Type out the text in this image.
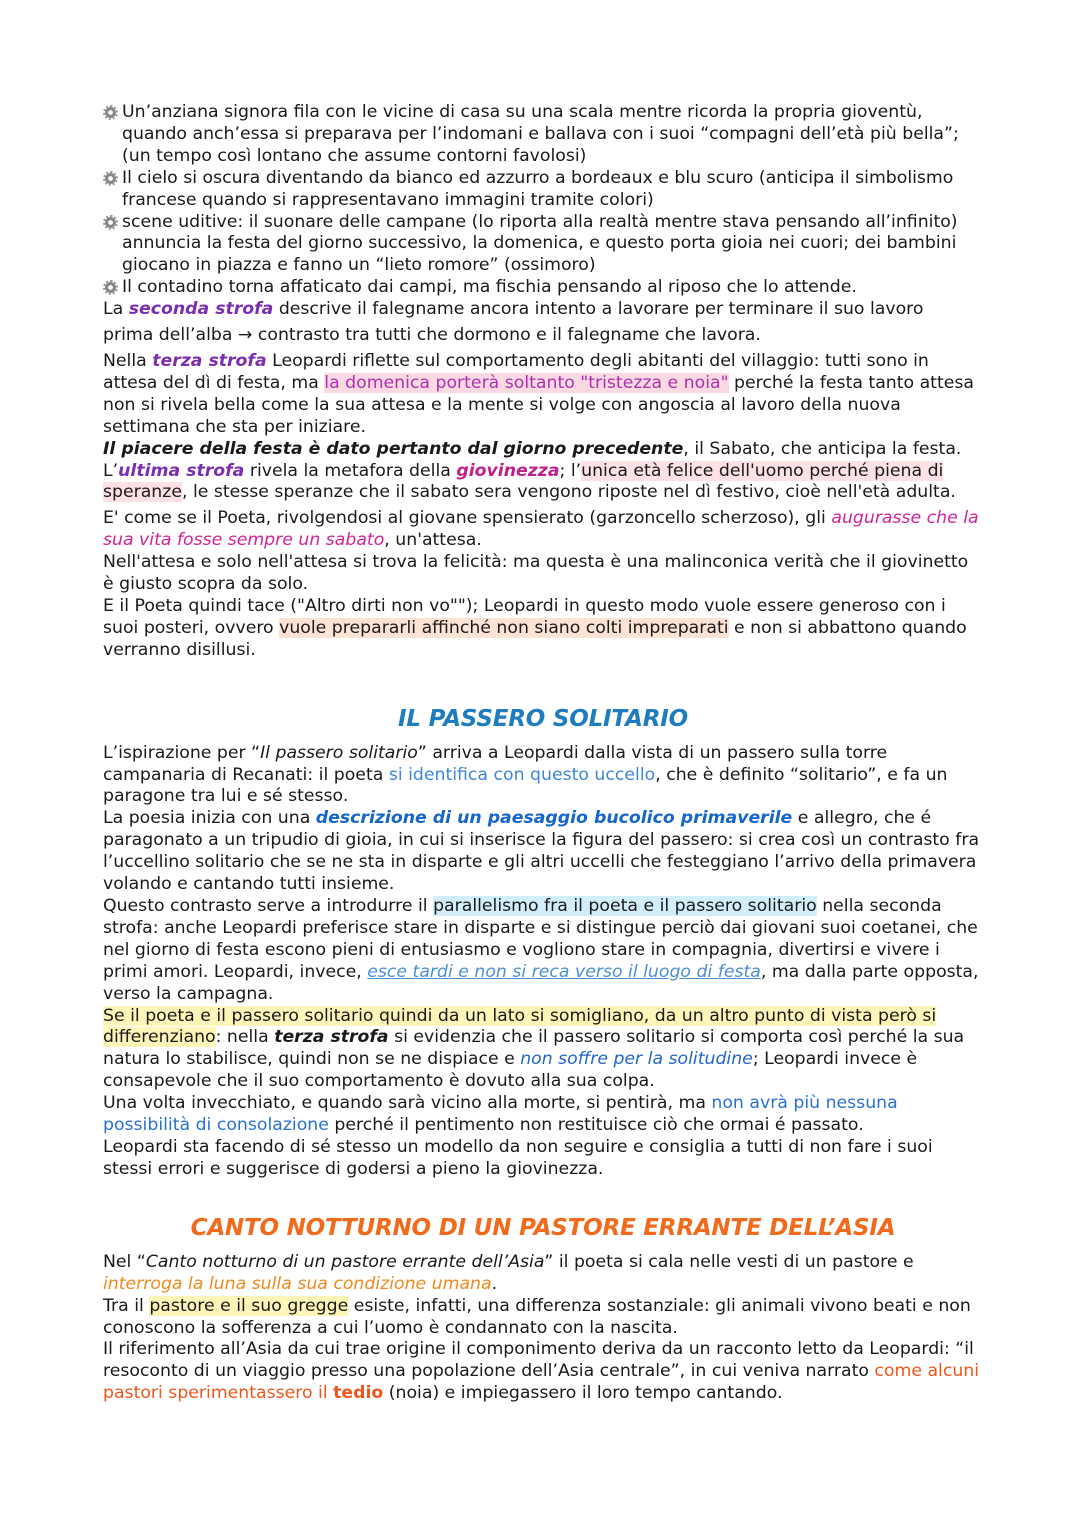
Un’anziana signora fila con le vicine di casa su una scala mentre ricorda la propria gioventù, quando anch’essa si preparava per l’indomani e ballava con i suoi “compagni dell’età più bella”; (un tempo così lontano che assume contorni favolosi)
Il cielo si oscura diventando da bianco ed azzurro a bordeaux e blu scuro (anticipa il simbolismo francese quando si rappresentavano immagini tramite colori)
scene uditive: il suonare delle campane (lo riporta alla realtà mentre stava pensando all’infinito) annuncia la festa del giorno successivo, la domenica, e questo porta gioia nei cuori; dei bambini giocano in piazza e fanno un “lieto romore” (ossimoro)
Il contadino torna affaticato dai campi, ma fischia pensando al riposo che lo attende.

La seconda strofa descrive il falegname ancora intento a lavorare per terminare il suo lavoro

prima dell’alba → contrasto tra tutti che dormono e il falegname che lavora.

Nella terza strofa Leopardi riflette sul comportamento degli abitanti del villaggio: tutti sono in attesa del dì di festa, ma la domenica porterà soltanto "tristezza e noia" perché la festa tanto attesa non si rivela bella come la sua attesa e la mente si volge con angoscia al lavoro della nuova settimana che sta per iniziare.

Il piacere della festa è dato pertanto dal giorno precedente, il Sabato, che anticipa la festa.

L’ultima strofa rivela la metafora della giovinezza; l’unica età felice dell'uomo perché piena di speranze, le stesse speranze che il sabato sera vengono riposte nel dì festivo, cioè nell'età adulta.

E' come se il Poeta, rivolgendosi al giovane spensierato (garzoncello scherzoso), gli augurasse che la sua vita fosse sempre un sabato, un'attesa.

Nell'attesa e solo nell'attesa si trova la felicità: ma questa è una malinconica verità che il giovinetto è giusto scopra da solo.

E il Poeta quindi tace ("Altro dirti non vo""); Leopardi in questo modo vuole essere generoso con i suoi posteri, ovvero vuole prepararli affinché non siano colti impreparati e non si abbattono quando verranno disillusi.

IL PASSERO SOLITARIO

L’ispirazione per “Il passero solitario” arriva a Leopardi dalla vista di un passero sulla torre campanaria di Recanati: il poeta si identifica con questo uccello, che è definito “solitario”, e fa un paragone tra lui e sé stesso.

La poesia inizia con una descrizione di un paesaggio bucolico primaverile e allegro, che é paragonato a un tripudio di gioia, in cui si inserisce la figura del passero: si crea così un contrasto fra l’uccellino solitario che se ne sta in disparte e gli altri uccelli che festeggiano l’arrivo della primavera volando e cantando tutti insieme.

Questo contrasto serve a introdurre il parallelismo fra il poeta e il passero solitario nella seconda strofa: anche Leopardi preferisce stare in disparte e si distingue perciò dai giovani suoi coetanei, che nel giorno di festa escono pieni di entusiasmo e vogliono stare in compagnia, divertirsi e vivere i primi amori. Leopardi, invece, esce tardi e non si reca verso il luogo di festa, ma dalla parte opposta, verso la campagna.

Se il poeta e il passero solitario quindi da un lato si somigliano, da un altro punto di vista però si differenziano: nella terza strofa si evidenzia che il passero solitario si comporta così perché la sua natura lo stabilisce, quindi non se ne dispiace e non soffre per la solitudine; Leopardi invece è consapevole che il suo comportamento è dovuto alla sua colpa.

Una volta invecchiato, e quando sarà vicino alla morte, si pentirà, ma non avrà più nessuna possibilità di consolazione perché il pentimento non restituisce ciò che ormai é passato.

Leopardi sta facendo di sé stesso un modello da non seguire e consiglia a tutti di non fare i suoi stessi errori e suggerisce di godersi a pieno la giovinezza.

CANTO NOTTURNO DI UN PASTORE ERRANTE DELL’ASIA

Nel “Canto notturno di un pastore errante dell’Asia” il poeta si cala nelle vesti di un pastore e interroga la luna sulla sua condizione umana.

Tra il pastore e il suo gregge esiste, infatti, una differenza sostanziale: gli animali vivono beati e non conoscono la sofferenza a cui l’uomo è condannato con la nascita.

Il riferimento all’Asia da cui trae origine il componimento deriva da un racconto letto da Leopardi: “il resoconto di un viaggio presso una popolazione dell’Asia centrale”, in cui veniva narrato come alcuni pastori sperimentassero il tedio (noia) e impiegassero il loro tempo cantando.
